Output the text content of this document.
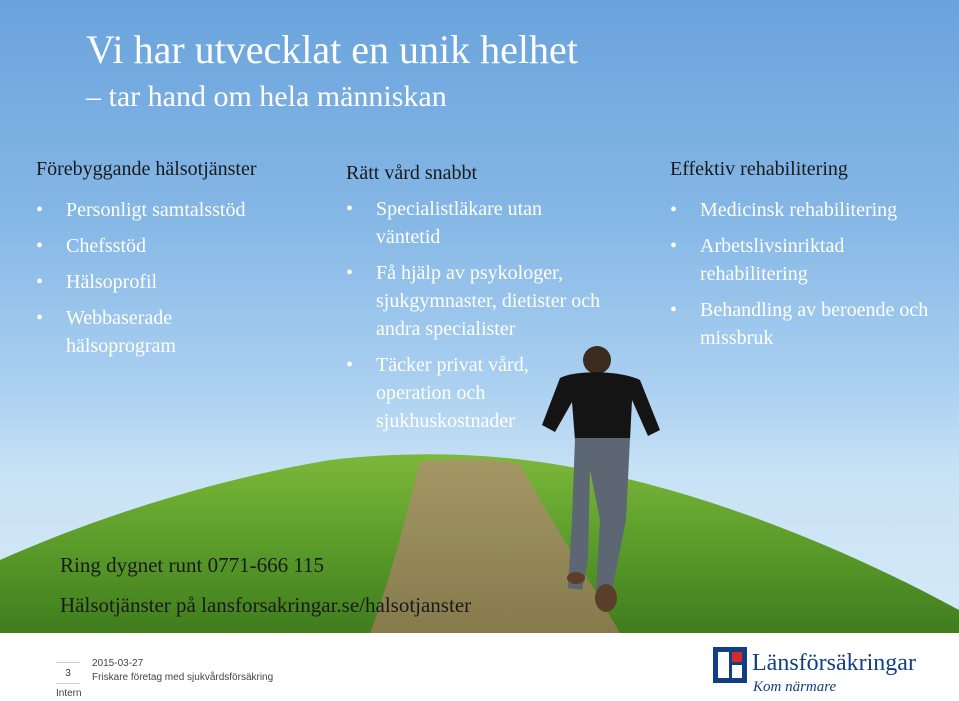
Vi har utvecklat en unik helhet
– tar hand om hela människan
Förebyggande hälsotjänster
• Personligt samtalsstöd
• Chefsstöd
• Hälsoprofil
• Webbaserade hälsoprogram
Rätt vård snabbt
• Specialistläkare utan väntetid
• Få hjälp av psykologer, sjukgymnaster, dietister och andra specialister
• Täcker privat vård, operation och sjukhuskostnader
Effektiv rehabilitering
• Medicinsk rehabilitering
• Arbetslivsinriktad rehabilitering
• Behandling av beroende och missbruk
Ring dygnet runt 0771-666 115
Hälsotjänster på lansforsakringar.se/halsotjanster
3
Intern
2015-03-27
Friskare företag med sjukvårdsförsäkring
Länsförsäkringar
Kom närmare
